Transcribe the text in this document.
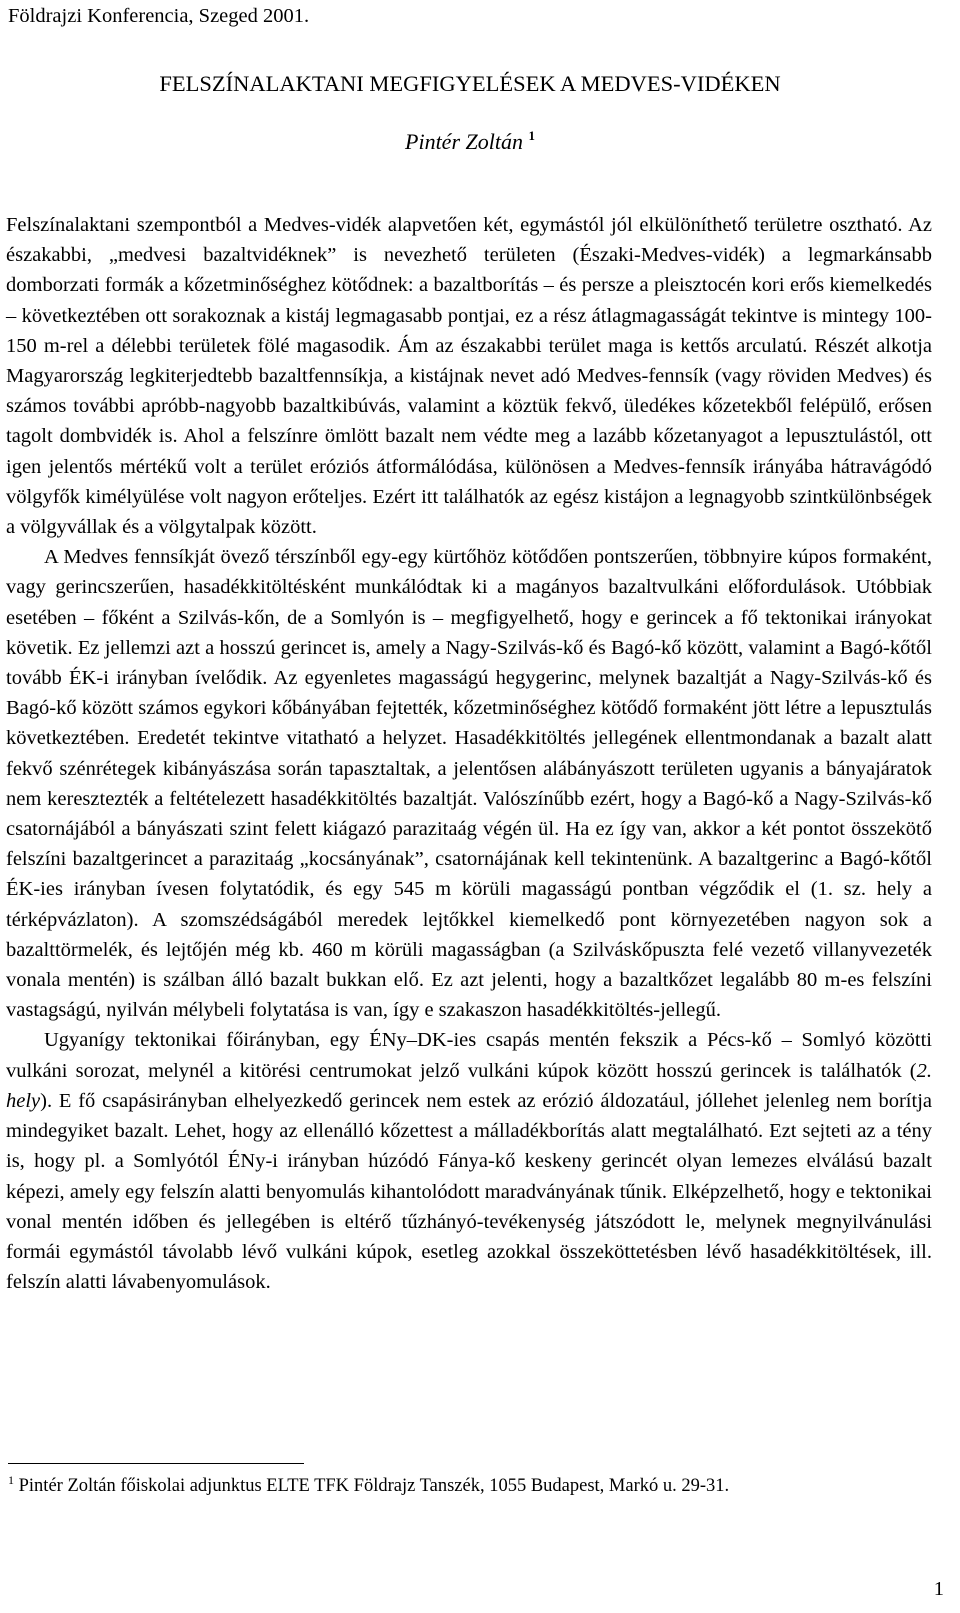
Földrajzi Konferencia, Szeged 2001.
FELSZÍNALAKTANI MEGFIGYELÉSEK A MEDVES-VIDÉKEN
Pintér Zoltán $^1$

Felszínalaktani szempontból a Medves-vidék alapvetően két, egymástól jól elkülöníthető területre osztható. Az északabbi, „medvesi bazaltvidéknek” is nevezhető területen (Északi-Medves-vidék) a legmarkánsabb domborzati formák a kőzetminőséghez kötődnek: a bazaltborítás – és persze a pleisztocén kori erős kiemelkedés – következtében ott sorakoznak a kistáj legmagasabb pontjai, ez a rész átlagmagasságát tekintve is mintegy 100-150 m-rel a délebbi területek fölé magasodik. Ám az északabbi terület maga is kettős arculatú. Részét alkotja Magyarország legkiterjedtebb bazaltfennsíkja, a kistájnak nevet adó Medves-fennsík (vagy röviden Medves) és számos további apróbb-nagyobb bazaltkibúvás, valamint a köztük fekvő, üledékes kőzetekből felépülő, erősen tagolt dombvidék is. Ahol a felszínre ömlött bazalt nem védte meg a lazább kőzetanyagot a lepusztulástól, ott igen jelentős mértékű volt a terület eróziós átformálódása, különösen a Medves-fennsík irányába hátravágódó völgyfők kimélyülése volt nagyon erőteljes. Ezért itt találhatók az egész kistájon a legnagyobb szintkülönbségek a völgyvállak és a völgytalpak között.

A Medves fennsíkját övező térszínből egy-egy kürtőhöz kötődően pontszerűen, többnyire kúpos formaként, vagy gerincszerűen, hasadékkitöltésként munkálódtak ki a magányos bazaltvulkáni előfordulások. Utóbbiak esetében – főként a Szilvás-kőn, de a Somlyón is – megfigyelhető, hogy e gerincek a fő tektonikai irányokat követik. Ez jellemzi azt a hosszú gerincet is, amely a Nagy-Szilvás-kő és Bagó-kő között, valamint a Bagó-kőtől tovább ÉK-i irányban ívelődik. Az egyenletes magasságú hegygerinc, melynek bazaltját a Nagy-Szilvás-kő és Bagó-kő között számos egykori kőbányában fejtették, kőzetminőséghez kötődő formaként jött létre a lepusztulás következtében. Eredetét tekintve vitatható a helyzet. Hasadékkitöltés jellegének ellentmondanak a bazalt alatt fekvő szénrétegek kibányászása során tapasztaltak, a jelentősen alábányászott területen ugyanis a bányajáratok nem keresztezték a feltételezett hasadékkitöltés bazaltját. Valószínűbb ezért, hogy a Bagó-kő a Nagy-Szilvás-kő csatornájából a bányászati szint felett kiágazó parazitaág végén ül. Ha ez így van, akkor a két pontot összekötő felszíni bazaltgerincet a parazitaág „kocsányának”, csatornájának kell tekintenünk. A bazaltgerinc a Bagó-kőtől ÉK-ies irányban ívesen folytatódik, és egy 545 m körüli magasságú pontban végződik el (1. sz. hely a térképvázlaton). A szomszédságából meredek lejtőkkel kiemelkedő pont környezetében nagyon sok a bazalttörmelék, és lejtőjén még kb. 460 m körüli magasságban (a Szilváskőpuszta felé vezető villanyvezeték vonala mentén) is szálban álló bazalt bukkan elő. Ez azt jelenti, hogy a bazaltkőzet legalább 80 m-es felszíni vastagságú, nyilván mélybeli folytatása is van, így e szakaszon hasadékkitöltés-jellegű.

Ugyanígy tektonikai főirányban, egy ÉNy–DK-ies csapás mentén fekszik a Pécs-kő – Somlyó közötti vulkáni sorozat, melynél a kitörési centrumokat jelző vulkáni kúpok között hosszú gerincek is találhatók (2. hely). E fő csapásirányban elhelyezkedő gerincek nem estek az erózió áldozatául, jóllehet jelenleg nem borítja mindegyiket bazalt. Lehet, hogy az ellenálló kőzettest a málladékborítás alatt megtalálható. Ezt sejteti az a tény is, hogy pl. a Somlyótól ÉNy-i irányban húzódó Fánya-kő keskeny gerincét olyan lemezes elválású bazalt képezi, amely egy felszín alatti benyomulás kihantolódott maradványának tűnik. Elképzelhető, hogy e tektonikai vonal mentén időben és jellegében is eltérő tűzhányó-tevékenység játszódott le, melynek megnyilvánulási formái egymástól távolabb lévő vulkáni kúpok, esetleg azokkal összeköttetésben lévő hasadékkitöltések, ill. felszín alatti lávabenyomulások.

$^1$ Pintér Zoltán főiskolai adjunktus ELTE TFK Földrajz Tanszék, 1055 Budapest, Markó u. 29-31.
1
